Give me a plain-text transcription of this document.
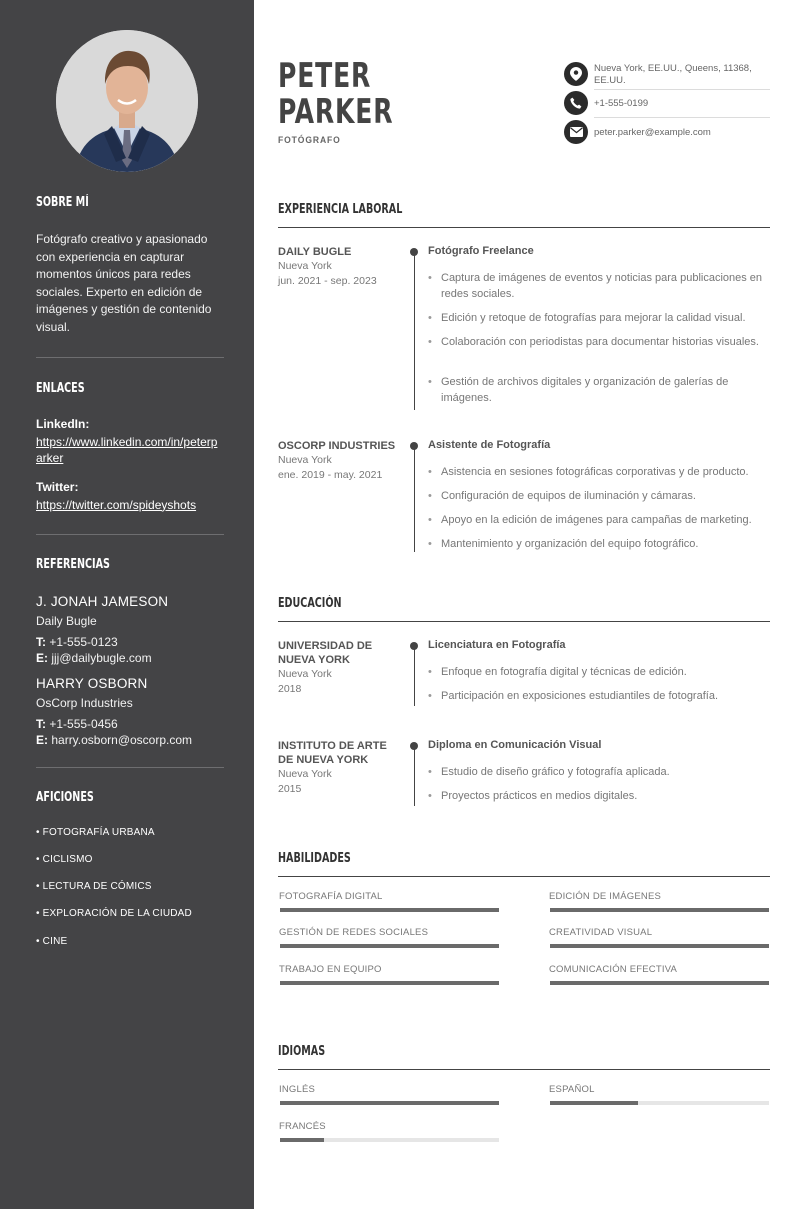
SOBRE MÍ
Fotógrafo creativo y apasionado con experiencia en capturar momentos únicos para redes sociales. Experto en edición de imágenes y gestión de contenido visual.
ENLACES
LinkedIn:
https://www.linkedin.com/in/peterparker
Twitter:
https://twitter.com/spideyshots
REFERENCIAS
J. JONAH JAMESON
Daily Bugle
T: +1-555-0123
E: jjj@dailybugle.com
HARRY OSBORN
OsCorp Industries
T: +1-555-0456
E: harry.osborn@oscorp.com
AFICIONES
• FOTOGRAFÍA URBANA
• CICLISMO
• LECTURA DE CÓMICS
• EXPLORACIÓN DE LA CIUDAD
• CINE
PETER
PARKER
FOTÓGRAFO
Nueva York, EE.UU., Queens, 11368, EE.UU.
+1-555-0199
peter.parker@example.com
EXPERIENCIA LABORAL
DAILY BUGLE
Nueva York
jun. 2021 - sep. 2023
Fotógrafo Freelance
• Captura de imágenes de eventos y noticias para publicaciones en redes sociales.
• Edición y retoque de fotografías para mejorar la calidad visual.
• Colaboración con periodistas para documentar historias visuales.
• Gestión de archivos digitales y organización de galerías de imágenes.
OSCORP INDUSTRIES
Nueva York
ene. 2019 - may. 2021
Asistente de Fotografía
• Asistencia en sesiones fotográficas corporativas y de producto.
• Configuración de equipos de iluminación y cámaras.
• Apoyo en la edición de imágenes para campañas de marketing.
• Mantenimiento y organización del equipo fotográfico.
EDUCACIÓN
UNIVERSIDAD DE NUEVA YORK
Nueva York
2018
Licenciatura en Fotografía
• Enfoque en fotografía digital y técnicas de edición.
• Participación en exposiciones estudiantiles de fotografía.
INSTITUTO DE ARTE DE NUEVA YORK
Nueva York
2015
Diploma en Comunicación Visual
• Estudio de diseño gráfico y fotografía aplicada.
• Proyectos prácticos en medios digitales.
HABILIDADES
FOTOGRAFÍA DIGITAL	EDICIÓN DE IMÁGENES
GESTIÓN DE REDES SOCIALES	CREATIVIDAD VISUAL
TRABAJO EN EQUIPO	COMUNICACIÓN EFECTIVA
IDIOMAS
INGLÉS	ESPAÑOL
FRANCÉS
